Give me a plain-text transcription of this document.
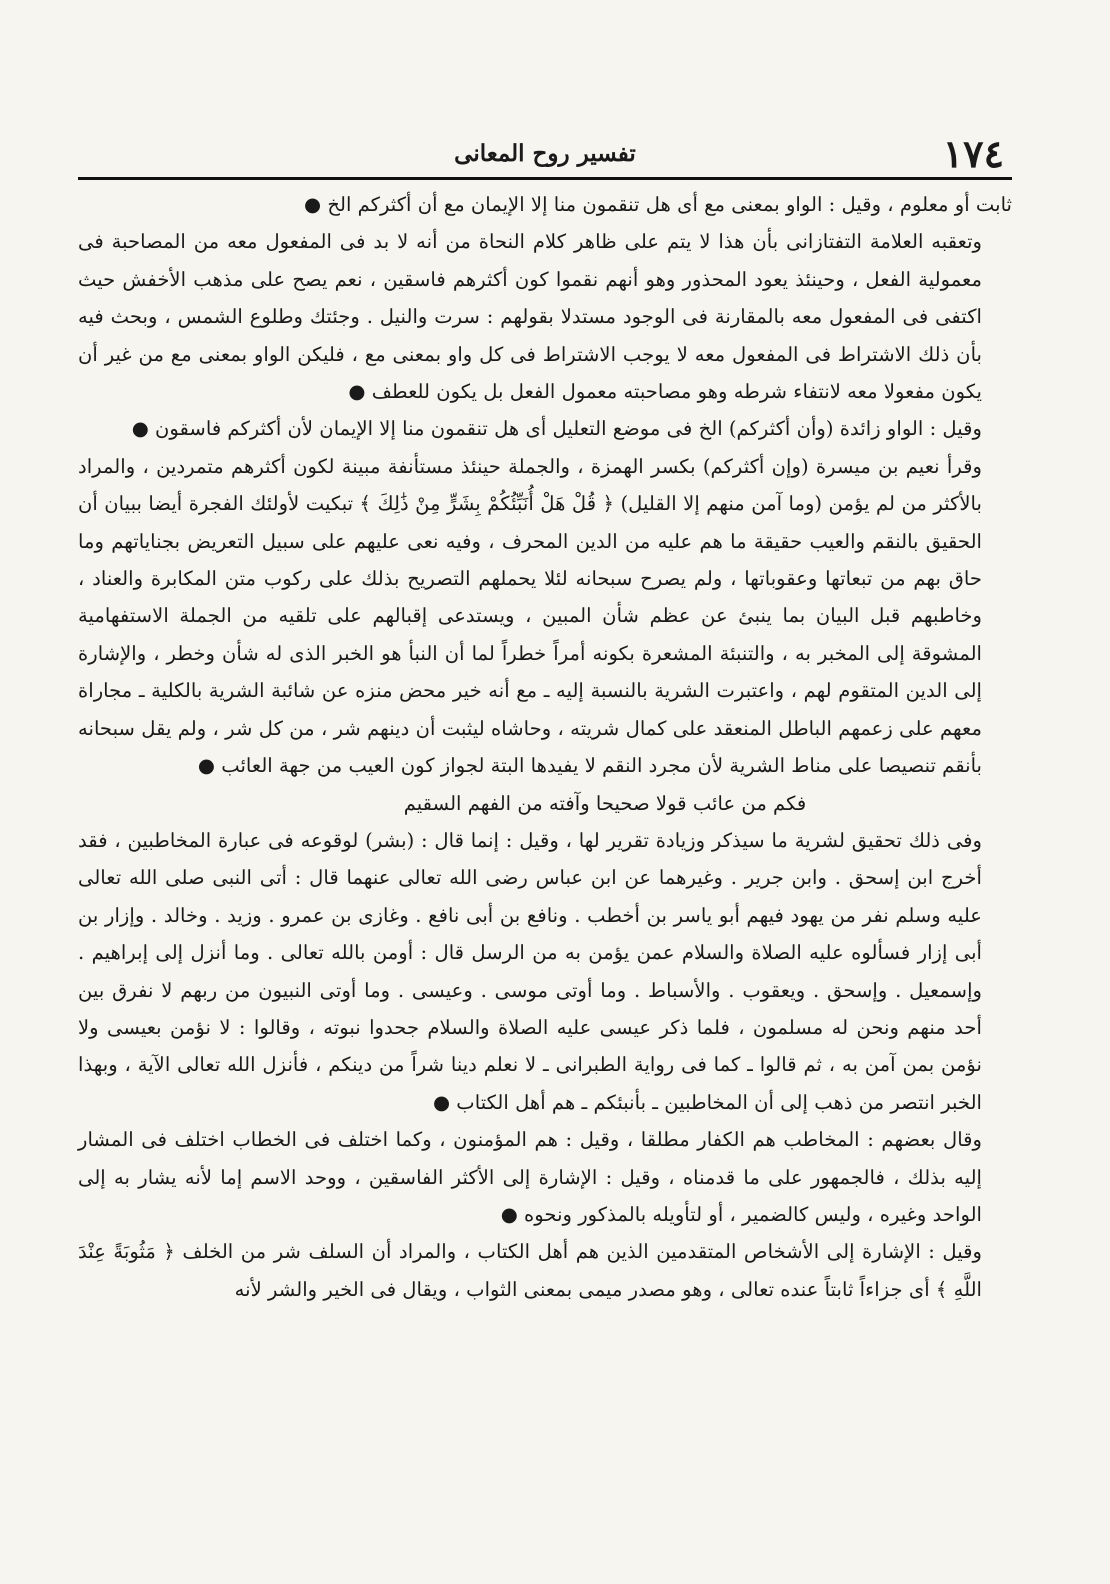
١٧٤
تفسير روح المعانى

ثابت أو معلوم ، وقيل : الواو بمعنى مع أى هل تنقمون منا إلا الإيمان مع أن أكثركم الخ ●

وتعقبه العلامة التفتازانى بأن هذا لا يتم على ظاهر كلام النحاة من أنه لا بد فى المفعول معه من المصاحبة فى معمولية الفعل ، وحينئذ يعود المحذور وهو أنهم نقموا كون أكثرهم فاسقين ، نعم يصح على مذهب الأخفش حيث اكتفى فى المفعول معه بالمقارنة فى الوجود مستدلا بقولهم : سرت والنيل . وجئتك وطلوع الشمس ، وبحث فيه بأن ذلك الاشتراط فى المفعول معه لا يوجب الاشتراط فى كل واو بمعنى مع ، فليكن الواو بمعنى مع من غير أن يكون مفعولا معه لانتفاء شرطه وهو مصاحبته معمول الفعل بل يكون للعطف ●

وقيل : الواو زائدة (وأن أكثركم) الخ فى موضع التعليل أى هل تنقمون منا إلا الإيمان لأن أكثركم فاسقون ●

وقرأ نعيم بن ميسرة (وإن أكثركم) بكسر الهمزة ، والجملة حينئذ مستأنفة مبينة لكون أكثرهم متمردين ، والمراد بالأكثر من لم يؤمن (وما آمن منهم إلا القليل) ﴿ قُلْ هَلْ أُنَبِّئُكُمْ بِشَرٍّ مِنْ ذَٰلِكَ ﴾ تبكيت لأولئك الفجرة أيضا ببيان أن الحقيق بالنقم والعيب حقيقة ما هم عليه من الدين المحرف ، وفيه نعى عليهم على سبيل التعريض بجناياتهم وما حاق بهم من تبعاتها وعقوباتها ، ولم يصرح سبحانه لئلا يحملهم التصريح بذلك على ركوب متن المكابرة والعناد ، وخاطبهم قبل البيان بما ينبئ عن عظم شأن المبين ، ويستدعى إقبالهم على تلقيه من الجملة الاستفهامية المشوقة إلى المخبر به ، والتنبئة المشعرة بكونه أمراً خطراً لما أن النبأ هو الخبر الذى له شأن وخطر ، والإشارة إلى الدين المتقوم لهم ، واعتبرت الشرية بالنسبة إليه ـ مع أنه خير محض منزه عن شائبة الشرية بالكلية ـ مجاراة معهم على زعمهم الباطل المنعقد على كمال شريته ، وحاشاه ليثبت أن دينهم شر ، من كل شر ، ولم يقل سبحانه بأنقم تنصيصا على مناط الشرية لأن مجرد النقم لا يفيدها البتة لجواز كون العيب من جهة العائب ●

فكم من عائب قولا صحيحا وآفته من الفهم السقيم

وفى ذلك تحقيق لشرية ما سيذكر وزيادة تقرير لها ، وقيل : إنما قال : (بشر) لوقوعه فى عبارة المخاطبين ، فقد أخرج ابن إسحق . وابن جرير . وغيرهما عن ابن عباس رضى الله تعالى عنهما قال : أتى النبى صلى الله تعالى عليه وسلم نفر من يهود فيهم أبو ياسر بن أخطب . ونافع بن أبى نافع . وغازى بن عمرو . وزيد . وخالد . وإزار بن أبى إزار فسألوه عليه الصلاة والسلام عمن يؤمن به من الرسل قال : أومن بالله تعالى . وما أنزل إلى إبراهيم . وإسمعيل . وإسحق . ويعقوب . والأسباط . وما أوتى موسى . وعيسى . وما أوتى النبيون من ربهم لا نفرق بين أحد منهم ونحن له مسلمون ، فلما ذكر عيسى عليه الصلاة والسلام جحدوا نبوته ، وقالوا : لا نؤمن بعيسى ولا نؤمن بمن آمن به ، ثم قالوا ـ كما فى رواية الطبرانى ـ لا نعلم دينا شراً من دينكم ، فأنزل الله تعالى الآية ، وبهذا الخبر انتصر من ذهب إلى أن المخاطبين ـ بأنبئكم ـ هم أهل الكتاب ●

وقال بعضهم : المخاطب هم الكفار مطلقا ، وقيل : هم المؤمنون ، وكما اختلف فى الخطاب اختلف فى المشار إليه بذلك ، فالجمهور على ما قدمناه ، وقيل : الإشارة إلى الأكثر الفاسقين ، ووحد الاسم إما لأنه يشار به إلى الواحد وغيره ، وليس كالضمير ، أو لتأويله بالمذكور ونحوه ●

وقيل : الإشارة إلى الأشخاص المتقدمين الذين هم أهل الكتاب ، والمراد أن السلف شر من الخلف ﴿ مَثُوبَةً عِنْدَ اللَّهِ ﴾ أى جزاءاً ثابتاً عنده تعالى ، وهو مصدر ميمى بمعنى الثواب ، ويقال فى الخير والشر لأنه
